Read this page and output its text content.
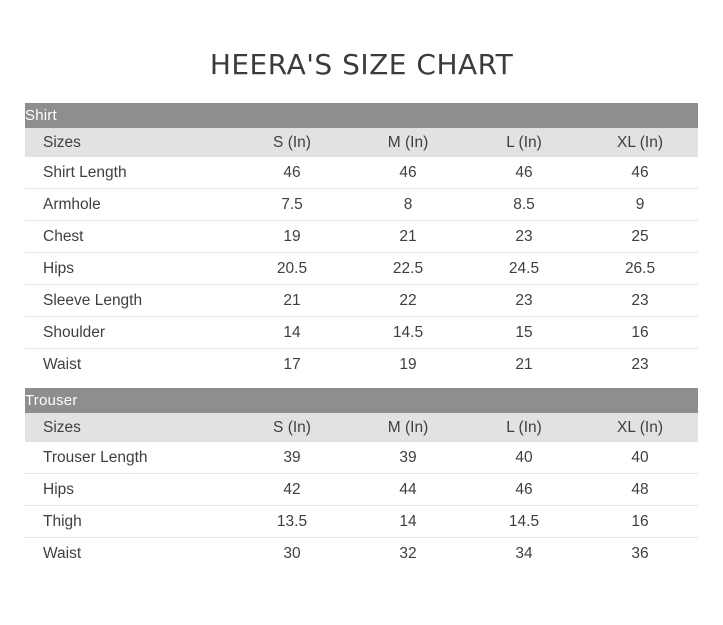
HEERA'S SIZE CHART
Shirt				
Sizes	S (In)	M (In)	L (In)	XL (In)
Shirt Length	46	46	46	46
Armhole	7.5	8	8.5	9
Chest	19	21	23	25
Hips	20.5	22.5	24.5	26.5
Sleeve Length	21	22	23	23
Shoulder	14	14.5	15	16
Waist	17	19	21	23

Trouser				
Sizes	S (In)	M (In)	L (In)	XL (In)
Trouser Length	39	39	40	40
Hips	42	44	46	48
Thigh	13.5	14	14.5	16
Waist	30	32	34	36
